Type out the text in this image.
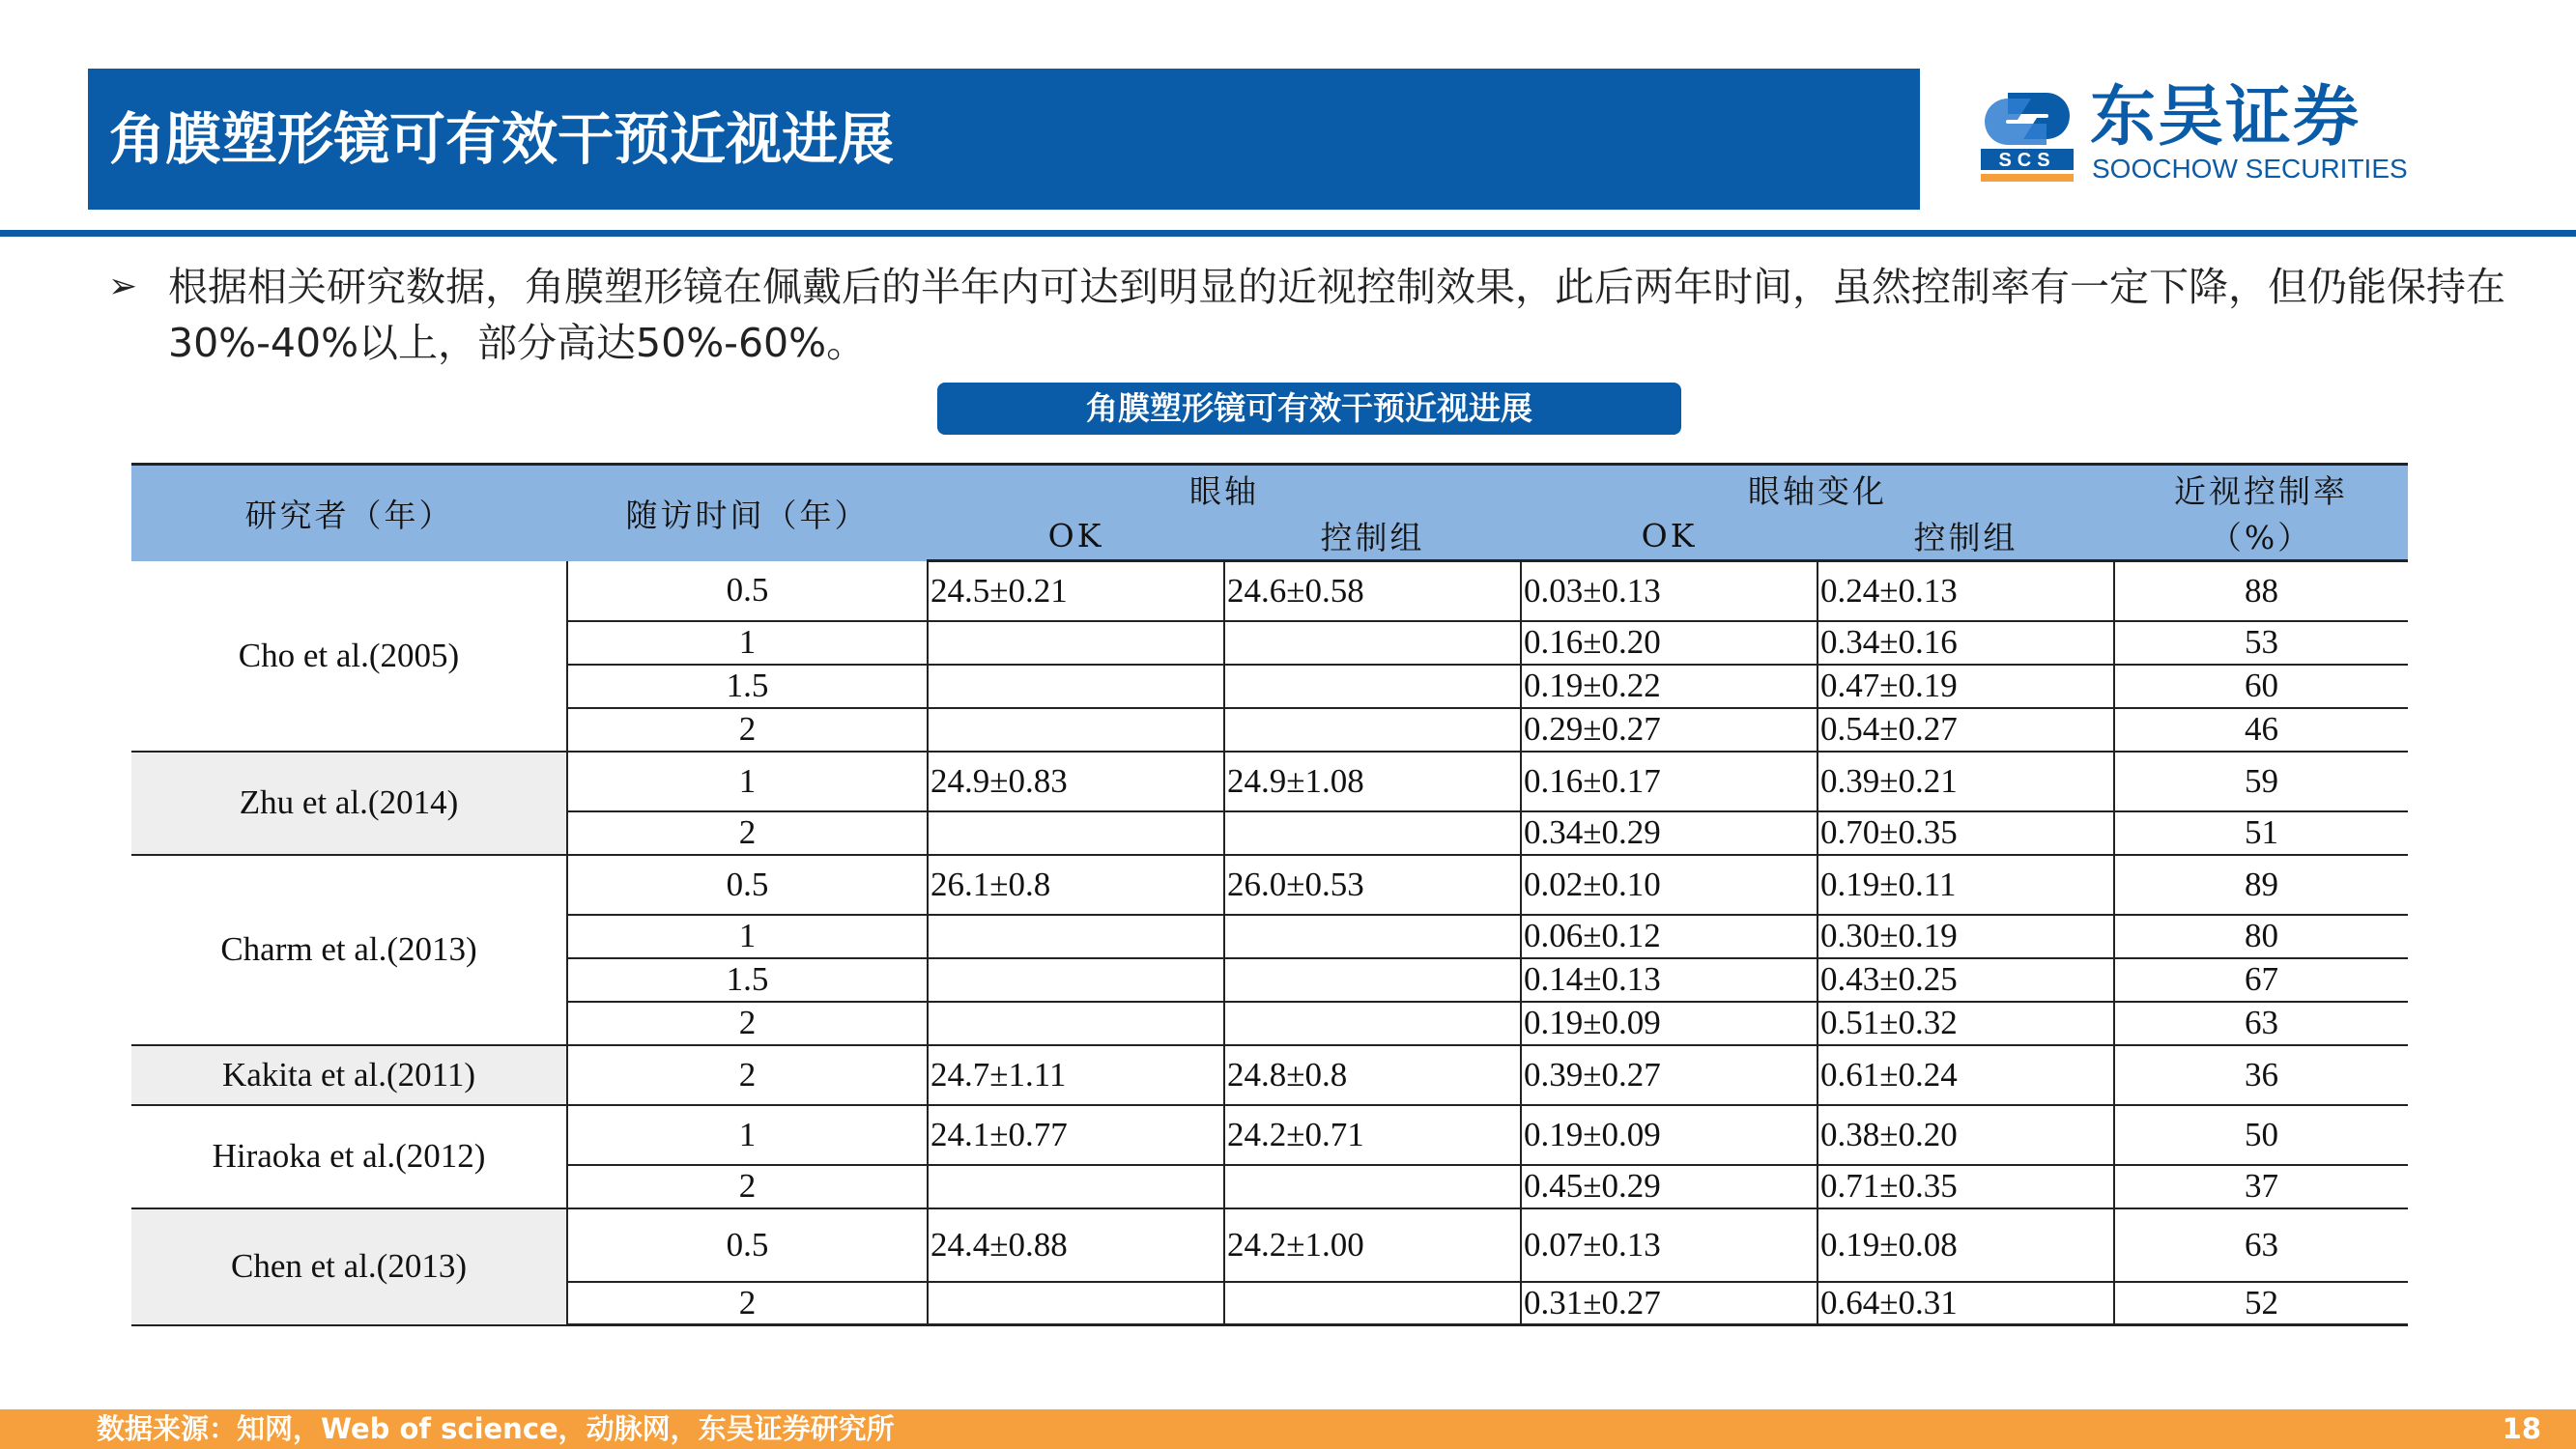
角膜塑形镜可有效干预近视进展	SCS
东吴证券
SOOCHOW SECURITIES
➢ 根据相关研究数据，角膜塑形镜在佩戴后的半年内可达到明显的近视控制效果，此后两年时间，虽然控制率有一定下降，但仍能保持在30%-40%以上，部分高达50%-60%。
角膜塑形镜可有效干预近视进展
研究者（年）	随访时间（年）	眼轴		眼轴变化		近视控制率
		OK	控制组	OK	控制组	（%）
Cho et al.(2005)	0.5	24.5±0.21	24.6±0.58	0.03±0.13	0.24±0.13	88
	1			0.16±0.20	0.34±0.16	53
	1.5			0.19±0.22	0.47±0.19	60
	2			0.29±0.27	0.54±0.27	46
Zhu et al.(2014)	1	24.9±0.83	24.9±1.08	0.16±0.17	0.39±0.21	59
	2			0.34±0.29	0.70±0.35	51
Charm et al.(2013)	0.5	26.1±0.8	26.0±0.53	0.02±0.10	0.19±0.11	89
	1			0.06±0.12	0.30±0.19	80
	1.5			0.14±0.13	0.43±0.25	67
	2			0.19±0.09	0.51±0.32	63
Kakita et al.(2011)	2	24.7±1.11	24.8±0.8	0.39±0.27	0.61±0.24	36
Hiraoka et al.(2012)	1	24.1±0.77	24.2±0.71	0.19±0.09	0.38±0.20	50
	2			0.45±0.29	0.71±0.35	37
Chen et al.(2013)	0.5	24.4±0.88	24.2±1.00	0.07±0.13	0.19±0.08	63
	2			0.31±0.27	0.64±0.31	52
数据来源：知网，Web of science，动脉网，东吴证券研究所	18
